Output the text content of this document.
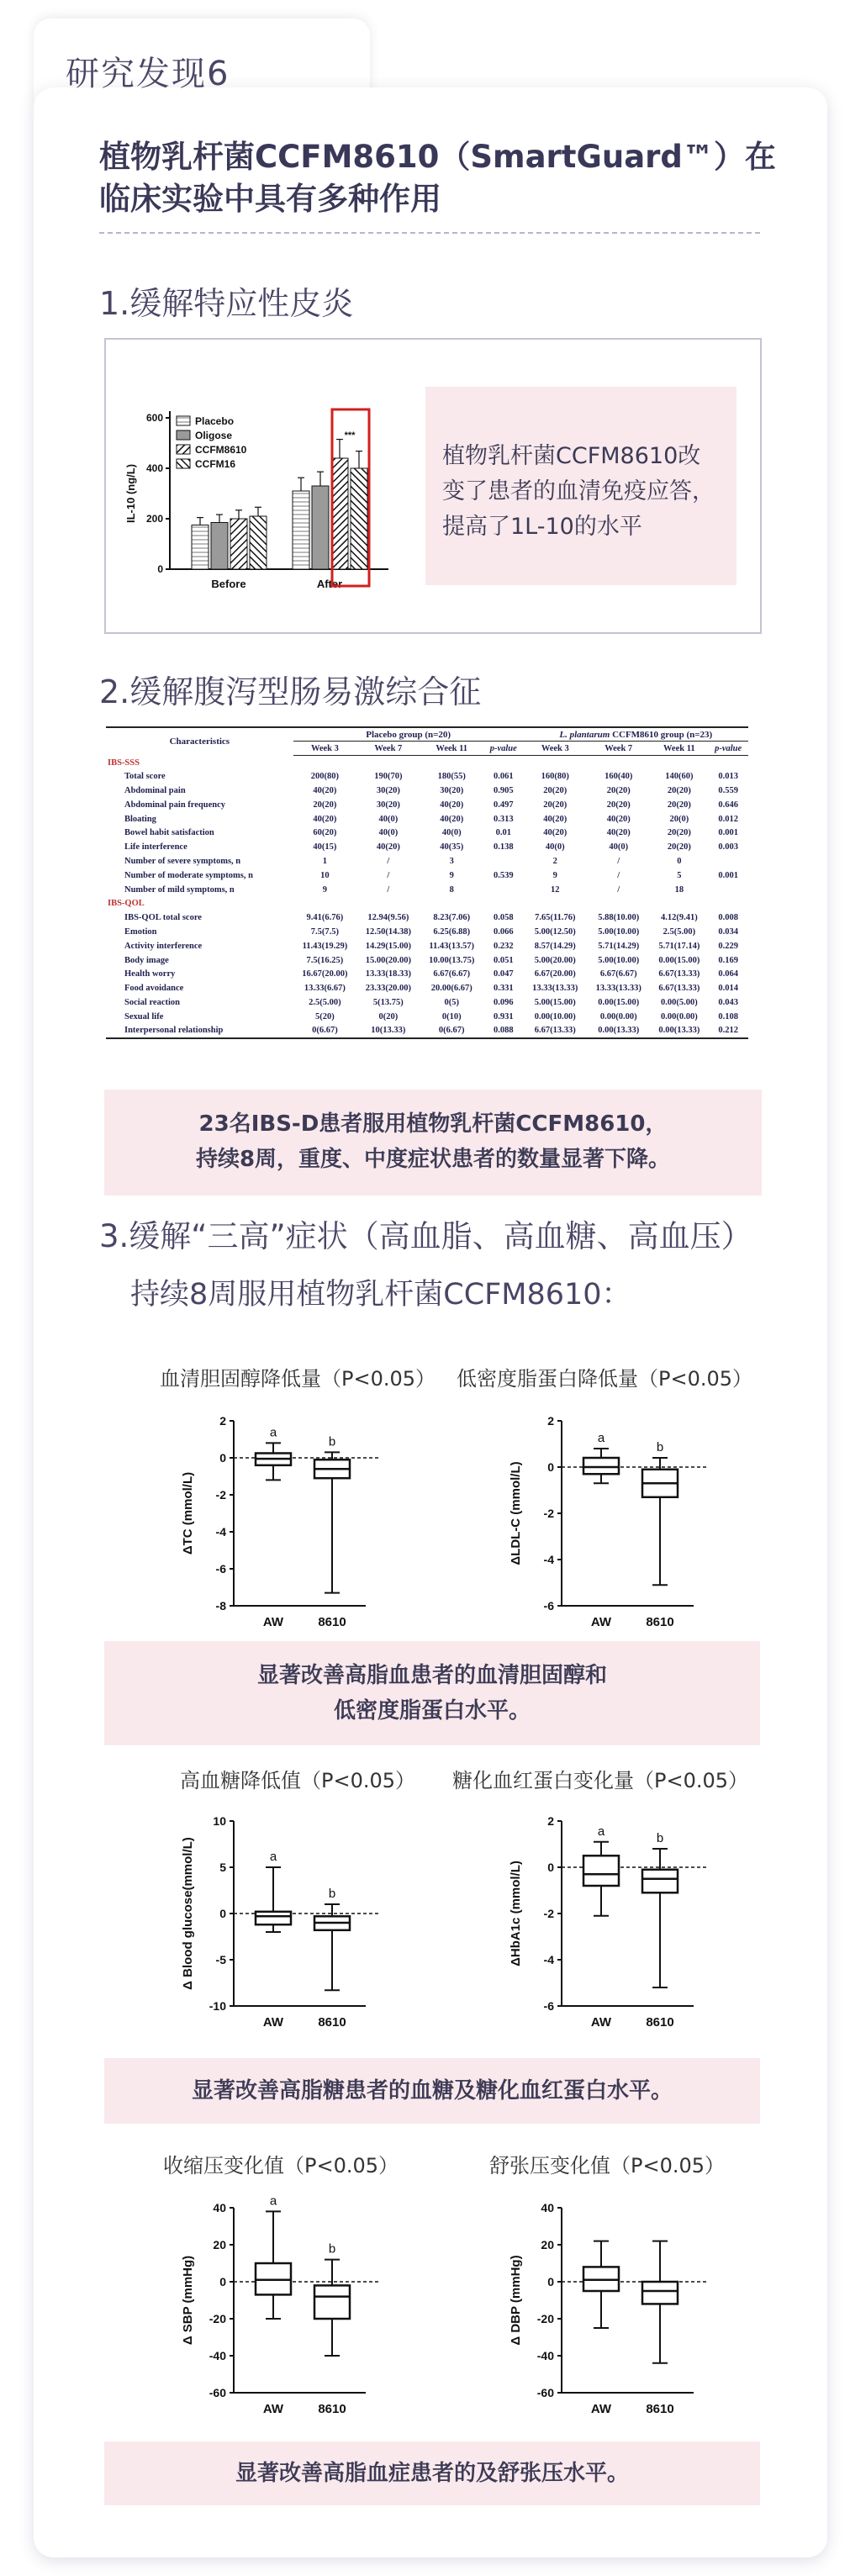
研究发现6
植物乳杆菌CCFM8610（SmartGuard™）在临床实验中具有多种作用
1.缓解特应性皮炎
0
200
400
600
IL-10 (ng/L)
Before	After
***
Placebo
Oligose
CCFM8610
CCFM16	植物乳杆菌CCFM8610改变了患者的血清免疫应答，提高了1L-10的水平
2.缓解腹泻型肠易激综合征
Characteristics	Placebo group (n=20)				L. plantarum CCFM8610 group (n=23)			
	Week 3	Week 7	Week 11	p-value	Week 3	Week 7	Week 11	p-value
IBS-SSS								
Total score	200(80)	190(70)	180(55)	0.061	160(80)	160(40)	140(60)	0.013
Abdominal pain	40(20)	30(20)	30(20)	0.905	20(20)	20(20)	20(20)	0.559
Abdominal pain frequency	20(20)	30(20)	40(20)	0.497	20(20)	20(20)	20(20)	0.646
Bloating	40(20)	40(0)	40(20)	0.313	40(20)	40(20)	20(0)	0.012
Bowel habit satisfaction	60(20)	40(0)	40(0)	0.01	40(20)	40(20)	20(20)	0.001
Life interference	40(15)	40(20)	40(35)	0.138	40(0)	40(0)	20(20)	0.003
Number of severe symptoms, n	1	/	3		2	/	0	
Number of moderate symptoms, n	10	/	9	0.539	9	/	5	0.001
Number of mild symptoms, n	9	/	8		12	/	18	
IBS-QOL								
IBS-QOL total score	9.41(6.76)	12.94(9.56)	8.23(7.06)	0.058	7.65(11.76)	5.88(10.00)	4.12(9.41)	0.008
Emotion	7.5(7.5)	12.50(14.38)	6.25(6.88)	0.066	5.00(12.50)	5.00(10.00)	2.5(5.00)	0.034
Activity interference	11.43(19.29)	14.29(15.00)	11.43(13.57)	0.232	8.57(14.29)	5.71(14.29)	5.71(17.14)	0.229
Body image	7.5(16.25)	15.00(20.00)	10.00(13.75)	0.051	5.00(20.00)	5.00(10.00)	0.00(15.00)	0.169
Health worry	16.67(20.00)	13.33(18.33)	6.67(6.67)	0.047	6.67(20.00)	6.67(6.67)	6.67(13.33)	0.064
Food avoidance	13.33(6.67)	23.33(20.00)	20.00(6.67)	0.331	13.33(13.33)	13.33(13.33)	6.67(13.33)	0.014
Social reaction	2.5(5.00)	5(13.75)	0(5)	0.096	5.00(15.00)	0.00(15.00)	0.00(5.00)	0.043
Sexual life	5(20)	0(20)	0(10)	0.931	0.00(10.00)	0.00(0.00)	0.00(0.00)	0.108
Interpersonal relationship	0(6.67)	10(13.33)	0(6.67)	0.088	6.67(13.33)	0.00(13.33)	0.00(13.33)	0.212
23名IBS-D患者服用植物乳杆菌CCFM8610，
持续8周，重度、中度症状患者的数量显著下降。
3.缓解“三高”症状（高血脂、高血糖、高血压）
持续8周服用植物乳杆菌CCFM8610：
血清胆固醇降低量（P<0.05） 低密度脂蛋白降低量（P<0.05）
-8
-6
-4
-2
0
2
ΔTC (mmol/L)
AW
a
8610
b
-6
-4
-2
0
2
ΔLDL-C (mmol/L)
AW
a
8610
b
显著改善高脂血患者的血清胆固醇和
低密度脂蛋白水平。
高血糖降低值（P<0.05） 糖化血红蛋白变化量（P<0.05）
-10
-5
0
5
10
Δ Blood glucose(mmol/L)
AW
a
8610
b
-6
-4
-2
0
2
ΔHbA1c (mmol/L)
AW
a
8610
b
显著改善高脂糖患者的血糖及糖化血红蛋白水平。
收缩压变化值（P<0.05）	舒张压变化值（P<0.05）
-60
-40
-20
0
20
40
Δ SBP (mmHg)
AW
a
8610
b
-60
-40
-20
0
20
40
Δ DBP (mmHg)
AW	8610
显著改善高脂血症患者的及舒张压水平。
